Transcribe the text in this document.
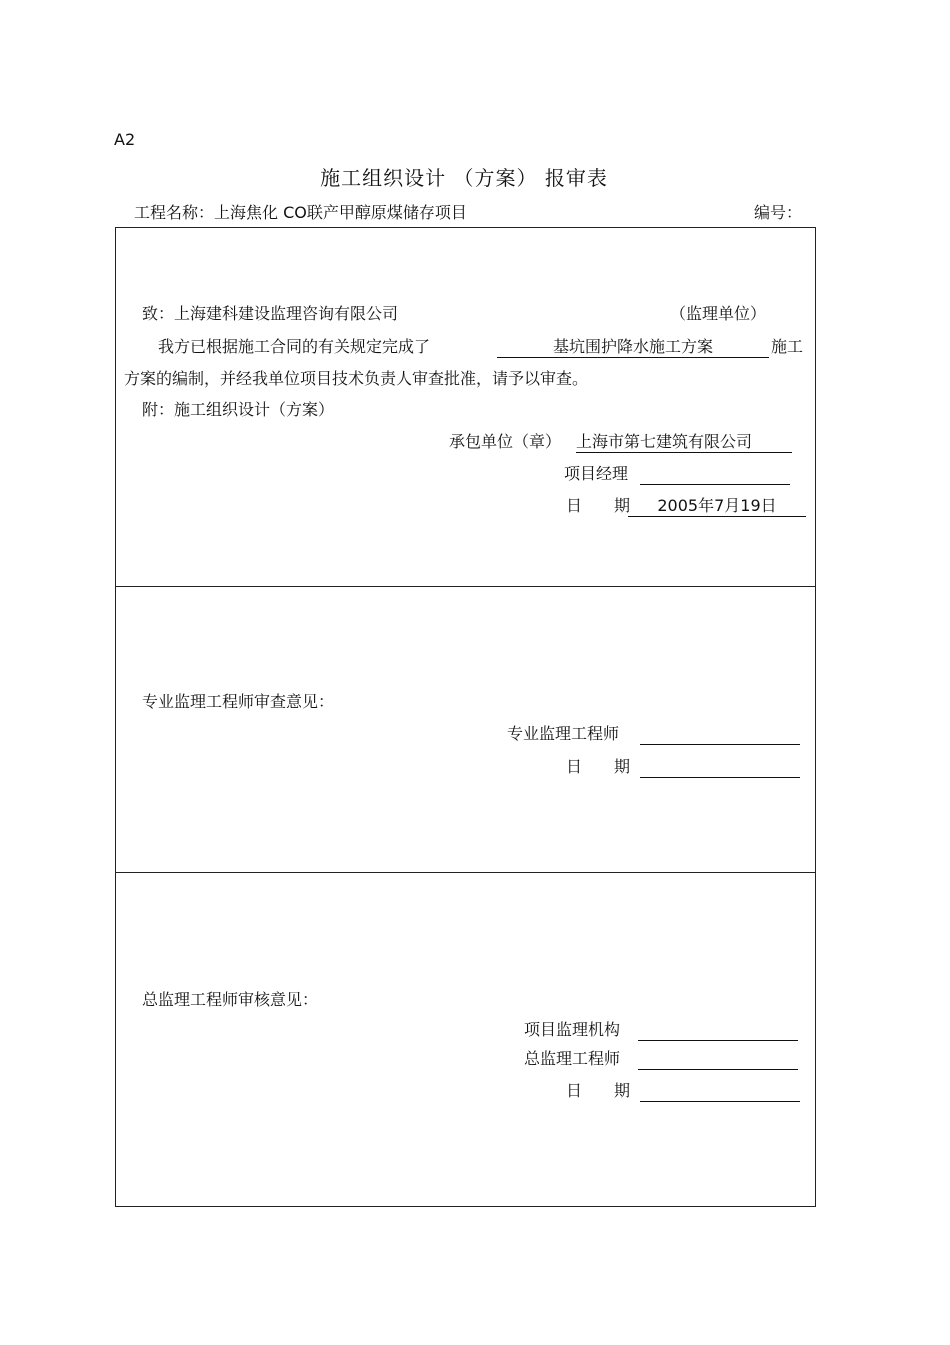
A2
施工组织设计 （方案） 报审表
工程名称：上海焦化 CO联产甲醇原煤储存项目	编号：
致：上海建科建设监理咨询有限公司	（监理单位）
我方已根据施工合同的有关规定完成了	基坑围护降水施工方案	施工
方案的编制，并经我单位项目技术负责人审查批准，请予以审查。
附：施工组织设计（方案）
承包单位（章） 上海市第七建筑有限公司
项目经理
日　　期	2005年7月19日
专业监理工程师审查意见：
专业监理工程师
日　　期
总监理工程师审核意见：
项目监理机构
总监理工程师
日　　期
